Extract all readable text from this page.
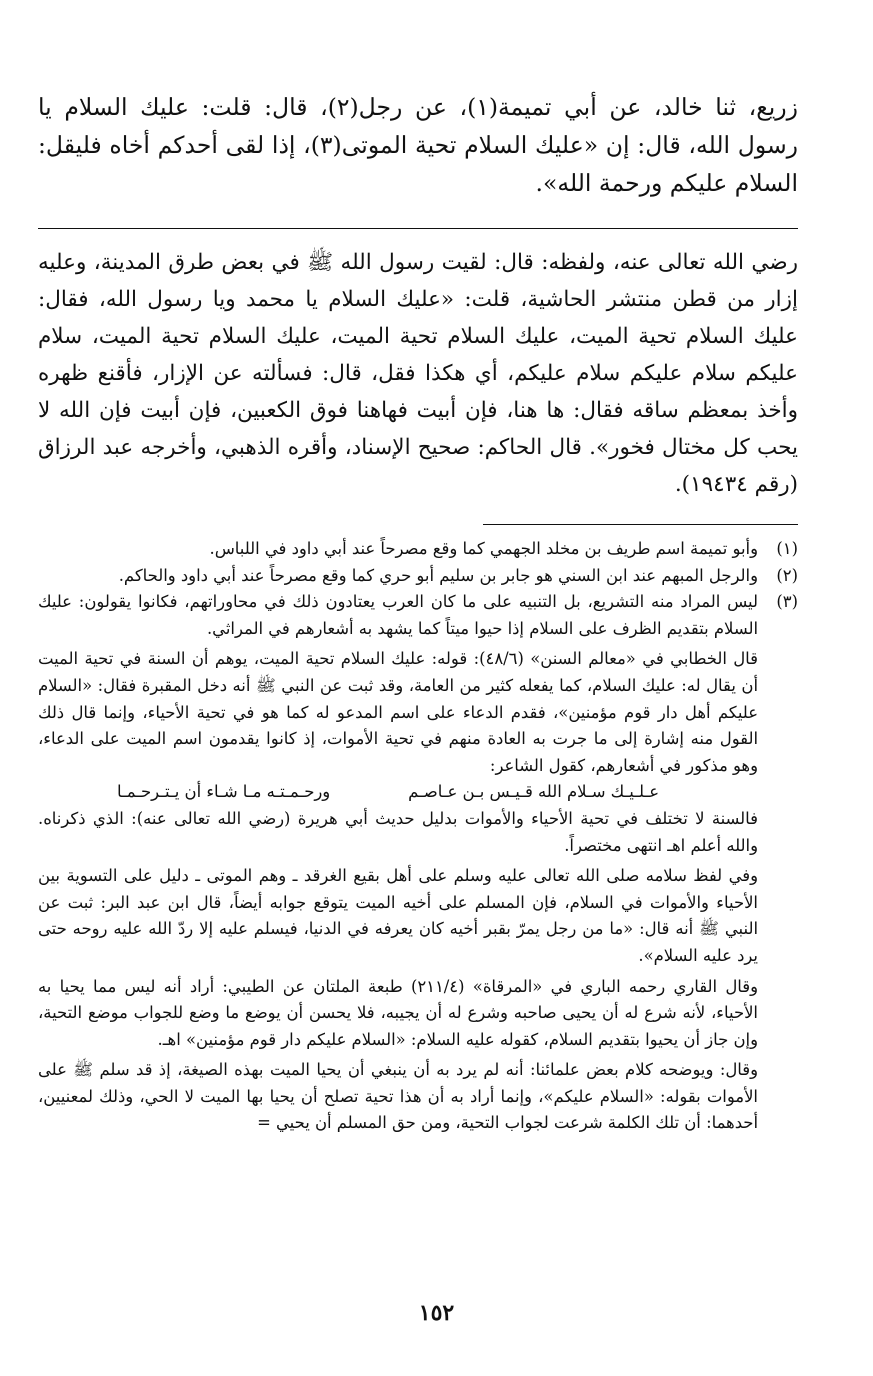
زريع، ثنا خالد، عن أبي تميمة(١)، عن رجل(٢)، قال: قلت: عليك السلام يا رسول الله، قال: إن «عليك السلام تحية الموتى(٣)، إذا لقى أحدكم أخاه فليقل: السلام عليكم ورحمة الله».
رضي الله تعالى عنه، ولفظه: قال: لقيت رسول الله ﷺ في بعض طرق المدينة، وعليه إزار من قطن منتشر الحاشية، قلت: «عليك السلام يا محمد ويا رسول الله، فقال: عليك السلام تحية الميت، عليك السلام تحية الميت، عليك السلام تحية الميت، سلام عليكم سلام عليكم سلام عليكم، أي هكذا فقل، قال: فسألته عن الإزار، فأقنع ظهره وأخذ بمعظم ساقه فقال: ها هنا، فإن أبيت فهاهنا فوق الكعبين، فإن أبيت فإن الله لا يحب كل مختال فخور». قال الحاكم: صحيح الإسناد، وأقره الذهبي، وأخرجه عبد الرزاق (رقم ١٩٤٣٤).
(١)

وأبو تميمة اسم طريف بن مخلد الجهمي كما وقع مصرحاً عند أبي داود في اللباس.

(٢)

والرجل المبهم عند ابن السني هو جابر بن سليم أبو حري كما وقع مصرحاً عند أبي داود والحاكم.

(٣)

ليس المراد منه التشريع، بل التنبيه على ما كان العرب يعتادون ذلك في محاوراتهم، فكانوا يقولون: عليك السلام بتقديم الظرف على السلام إذا حيوا ميتاً كما يشهد به أشعارهم في المراثي.

قال الخطابي في «معالم السنن» (٤٨/٦): قوله: عليك السلام تحية الميت، يوهم أن السنة في تحية الميت أن يقال له: عليك السلام، كما يفعله كثير من العامة، وقد ثبت عن النبي ﷺ أنه دخل المقبرة فقال: «السلام عليكم أهل دار قوم مؤمنين»، فقدم الدعاء على اسم المدعو له كما هو في تحية الأحياء، وإنما قال ذلك القول منه إشارة إلى ما جرت به العادة منهم في تحية الأموات، إذ كانوا يقدمون اسم الميت على الدعاء، وهو مذكور في أشعارهم، كقول الشاعر:

عـلـيـك سـلام الله قـيـس بـن عـاصـم
ورحـمـتـه مـا شـاء أن يـتـرحـمـا

فالسنة لا تختلف في تحية الأحياء والأموات بدليل حديث أبي هريرة (رضي الله تعالى عنه): الذي ذكرناه. والله أعلم اهـ انتهى مختصراً.

وفي لفظ سلامه صلى الله تعالى عليه وسلم على أهل بقيع الغرقد ـ وهم الموتى ـ دليل على التسوية بين الأحياء والأموات في السلام، فإن المسلم على أخيه الميت يتوقع جوابه أيضاً، قال ابن عبد البر: ثبت عن النبي ﷺ أنه قال: «ما من رجل يمرّ بقبر أخيه كان يعرفه في الدنيا، فيسلم عليه إلا ردّ الله عليه روحه حتى يرد عليه السلام».

وقال القاري رحمه الباري في «المرقاة» (٢١١/٤) طبعة الملتان عن الطيبي: أراد أنه ليس مما يحيا به الأحياء، لأنه شرع له أن يحيى صاحبه وشرع له أن يجيبه، فلا يحسن أن يوضع ما وضع للجواب موضع التحية، وإن جاز أن يحيوا بتقديم السلام، كقوله عليه السلام: «السلام عليكم دار قوم مؤمنين» اهـ.

وقال: ويوضحه كلام بعض علمائنا: أنه لم يرد به أن ينبغي أن يحيا الميت بهذه الصيغة، إذ قد سلم ﷺ على الأموات بقوله: «السلام عليكم»، وإنما أراد به أن هذا تحية تصلح أن يحيا بها الميت لا الحي، وذلك لمعنيين، أحدهما: أن تلك الكلمة شرعت لجواب التحية، ومن حق المسلم أن يحيي =

١٥٢
